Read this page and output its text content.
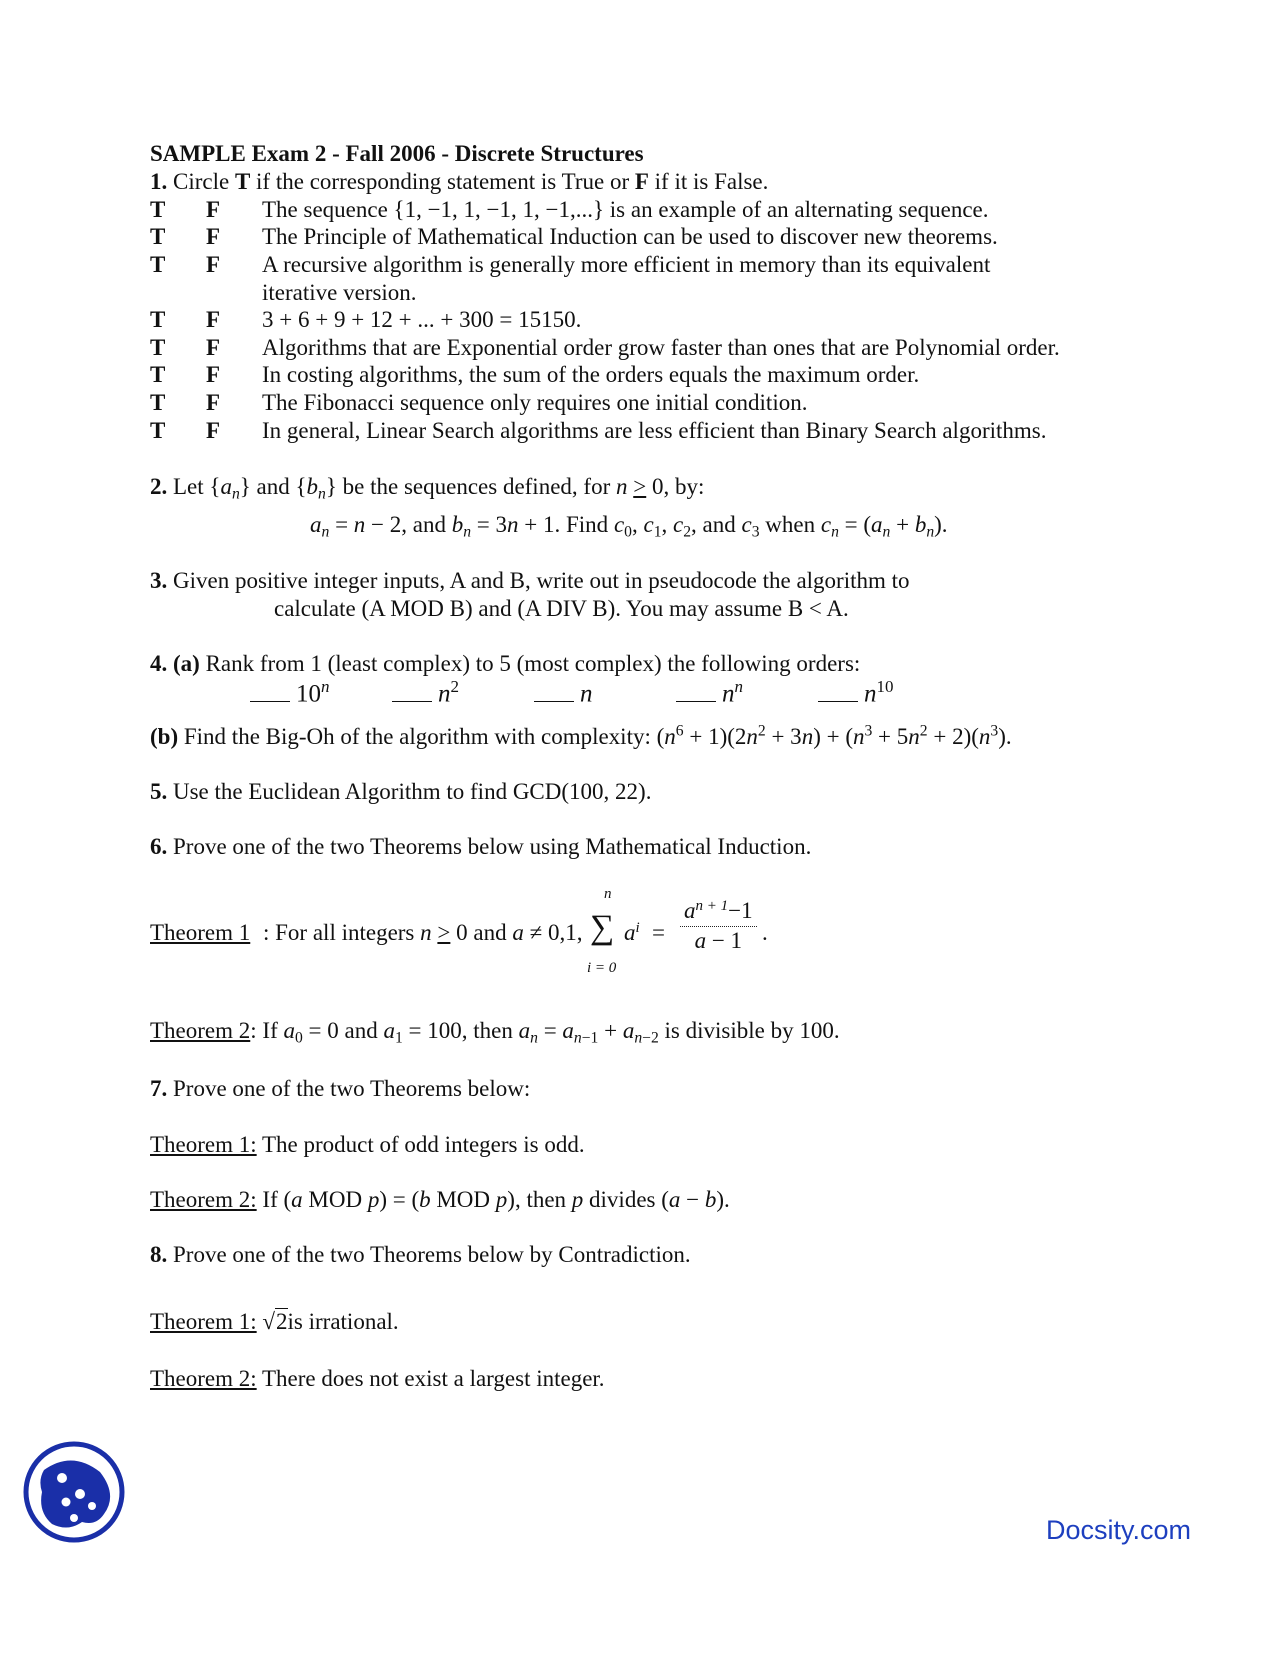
SAMPLE Exam 2 - Fall 2006 - Discrete Structures
1. Circle T if the corresponding statement is True or F if it is False.
T F The sequence {1, −1, 1, −1, 1, −1,...} is an example of an alternating sequence.
T F The Principle of Mathematical Induction can be used to discover new theorems.
T F A recursive algorithm is generally more efficient in memory than its equivalent iterative version.
T F 3 + 6 + 9 + 12 + ... + 300 = 15150.
T F Algorithms that are Exponential order grow faster than ones that are Polynomial order.
T F In costing algorithms, the sum of the orders equals the maximum order.
T F The Fibonacci sequence only requires one initial condition.
T F In general, Linear Search algorithms are less efficient than Binary Search algorithms.
2. Let $\{a_n\}$ and $\{b_n\}$ be the sequences defined, for n > 0, by:
$a_n = n - 2$, and $b_n = 3n + 1$. Find $c_0$, $c_1$, $c_2$, and $c_3$ when $c_n = (a_n + b_n)$.
3. Given positive integer inputs, A and B, write out in pseudocode the algorithm to
calculate (A MOD B) and (A DIV B). You may assume B < A.
4. (a) Rank from 1 (least complex) to 5 (most complex) the following orders:
10$^n$	$n^2$	n	$n^n$	$n^{10}$
(b) Find the Big-Oh of the algorithm with complexity: $(n^6 + 1)(2n^2 + 3n) + (n^3 + 5n^2 + 2)(n^3)$.
5. Use the Euclidean Algorithm to find GCD(100, 22).
6. Prove one of the two Theorems below using Mathematical Induction.
Theorem 1 : For all integers n > 0 and a ≠ 0,1,
n
∑ $a^i$ =
i = 0
$\frac{a^{n + 1}-1}{a - 1}$ .
Theorem 2: If $a_0 = 0$ and $a_1 = 100$, then $a_n = a_{n-1} + a_{n-2}$ is divisible by 100.
7. Prove one of the two Theorems below:
Theorem 1: The product of odd integers is odd.
Theorem 2: If (a MOD p) = (b MOD p), then p divides (a − b).
8. Prove one of the two Theorems below by Contradiction.
Theorem 1: √2is irrational.
Theorem 2: There does not exist a largest integer.
Docsity.com
